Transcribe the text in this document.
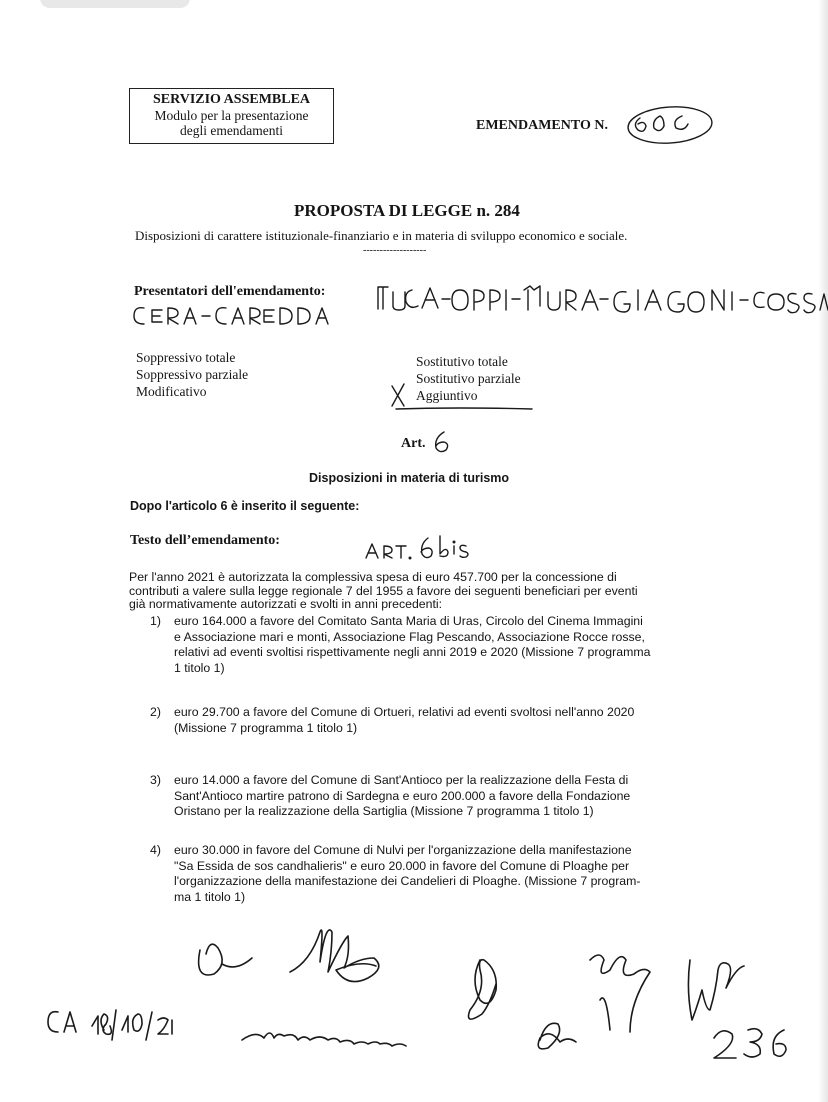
SERVIZIO ASSEMBLEA
Modulo per la presentazione
degli emendamenti	EMENDAMENTO N.
PROPOSTA DI LEGGE n. 284
Disposizioni di carattere istituzionale-finanziario e in materia di sviluppo economico e sociale.
-------------------
Presentatori dell'emendamento:
Soppressivo totale
Soppressivo parziale
Modificativo
Sostitutivo totale
Sostitutivo parziale
Aggiuntivo
Art.
Disposizioni in materia di turismo
Dopo l'articolo 6 è inserito il seguente:
Testo dell’emendamento:
Per l'anno 2021 è autorizzata la complessiva spesa di euro 457.700 per la concessione di
contributi a valere sulla legge regionale 7 del 1955 a favore dei seguenti beneficiari per eventi
già normativamente autorizzati e svolti in anni precedenti:
1) euro 164.000 a favore del Comitato Santa Maria di Uras, Circolo del Cinema Immagini
e Associazione mari e monti, Associazione Flag Pescando, Associazione Rocce rosse,
relativi ad eventi svoltisi rispettivamente negli anni 2019 e 2020 (Missione 7 programma
1 titolo 1)
2) euro 29.700 a favore del Comune di Ortueri, relativi ad eventi svoltosi nell'anno 2020
(Missione 7 programma 1 titolo 1)
3) euro 14.000 a favore del Comune di Sant'Antioco per la realizzazione della Festa di
Sant'Antioco martire patrono di Sardegna e euro 200.000 a favore della Fondazione
Oristano per la realizzazione della Sartiglia (Missione 7 programma 1 titolo 1)
4) euro 30.000 in favore del Comune di Nulvi per l'organizzazione della manifestazione
"Sa Essida de sos candhalieris" e euro 20.000 in favore del Comune di Ploaghe per
l'organizzazione della manifestazione dei Candelieri di Ploaghe. (Missione 7 program-
ma 1 titolo 1)
